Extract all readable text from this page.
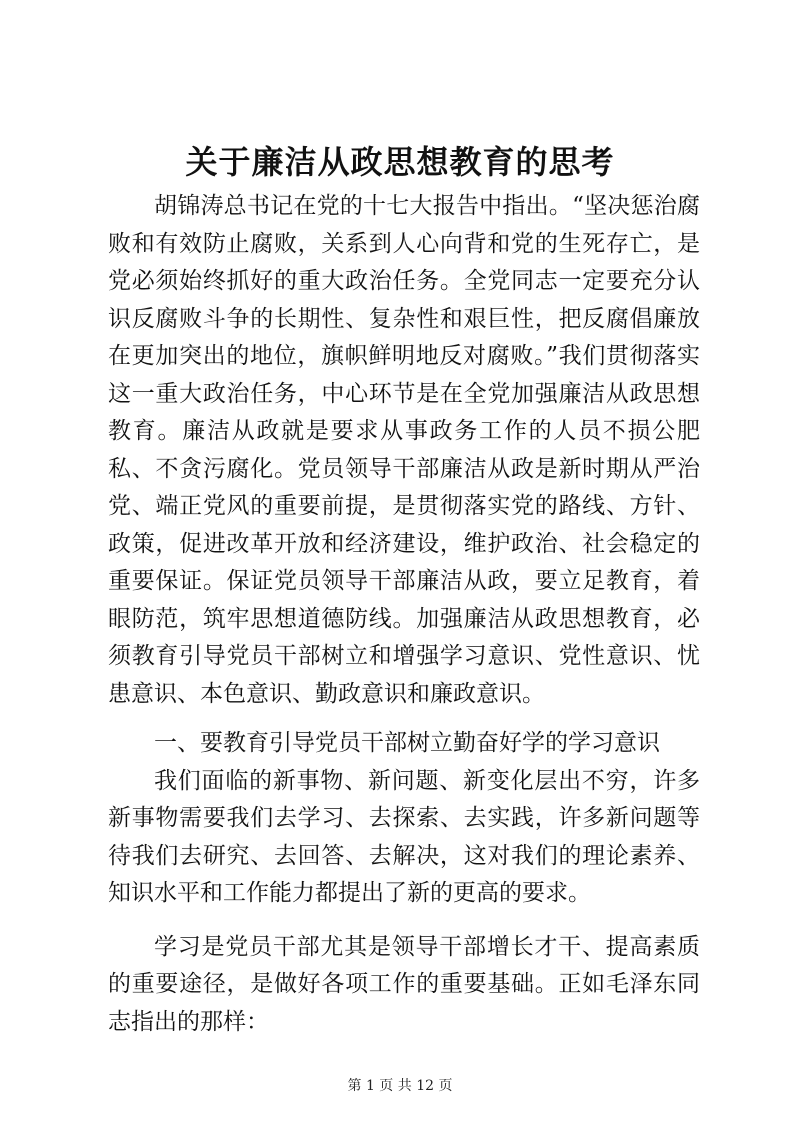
关于廉洁从政思想教育的思考

胡锦涛总书记在党的十七大报告中指出。“坚决惩治腐败和有效防止腐败，关系到人心向背和党的生死存亡，是党必须始终抓好的重大政治任务。全党同志一定要充分认识反腐败斗争的长期性、复杂性和艰巨性，把反腐倡廉放在更加突出的地位，旗帜鲜明地反对腐败。”我们贯彻落实这一重大政治任务，中心环节是在全党加强廉洁从政思想教育。廉洁从政就是要求从事政务工作的人员不损公肥私、不贪污腐化。党员领导干部廉洁从政是新时期从严治党、端正党风的重要前提，是贯彻落实党的路线、方针、政策，促进改革开放和经济建设，维护政治、社会稳定的重要保证。保证党员领导干部廉洁从政，要立足教育，着眼防范，筑牢思想道德防线。加强廉洁从政思想教育，必须教育引导党员干部树立和增强学习意识、党性意识、忧患意识、本色意识、勤政意识和廉政意识。

一、要教育引导党员干部树立勤奋好学的学习意识

我们面临的新事物、新问题、新变化层出不穷，许多新事物需要我们去学习、去探索、去实践，许多新问题等待我们去研究、去回答、去解决，这对我们的理论素养、知识水平和工作能力都提出了新的更高的要求。

学习是党员干部尤其是领导干部增长才干、提高素质的重要途径，是做好各项工作的重要基础。正如毛泽东同志指出的那样：

第 1 页 共 12 页
